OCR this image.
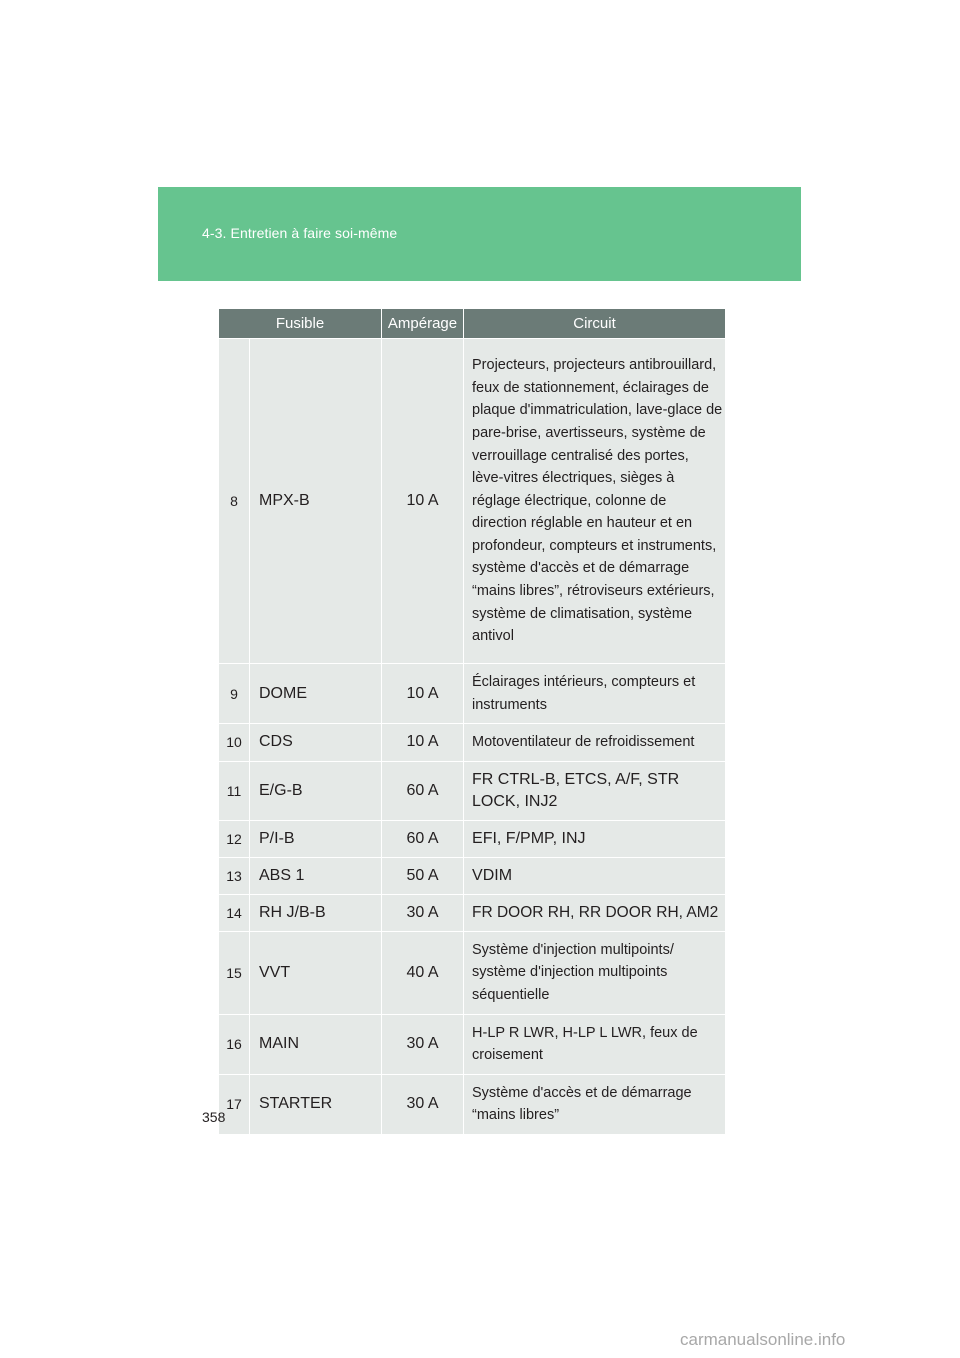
4-3. Entretien à faire soi-même
Fusible		Ampérage	Circuit
8	MPX-B	10 A	Projecteurs, projecteurs antibrouillard, feux de stationnement, éclairages de plaque d'immatriculation, lave-glace de pare-brise, avertisseurs, système de verrouillage centralisé des portes, lève-vitres électriques, sièges à réglage électrique, colonne de direction réglable en hauteur et en profondeur, compteurs et instruments, système d'accès et de démarrage “mains libres”, rétroviseurs extérieurs, système de climatisation, système antivol
9	DOME	10 A	Éclairages intérieurs, compteurs et instruments
10	CDS	10 A	Motoventilateur de refroidissement
11	E/G-B	60 A	FR CTRL-B, ETCS, A/F, STR LOCK, INJ2
12	P/I-B	60 A	EFI, F/PMP, INJ
13	ABS 1	50 A	VDIM
14	RH J/B-B	30 A	FR DOOR RH, RR DOOR RH, AM2
15	VVT	40 A	Système d'injection multipoints/ système d'injection multipoints séquentielle
16	MAIN	30 A	H-LP R LWR, H-LP L LWR, feux de croisement
17	STARTER	30 A	Système d'accès et de démarrage “mains libres”
358
carmanualsonline.info
